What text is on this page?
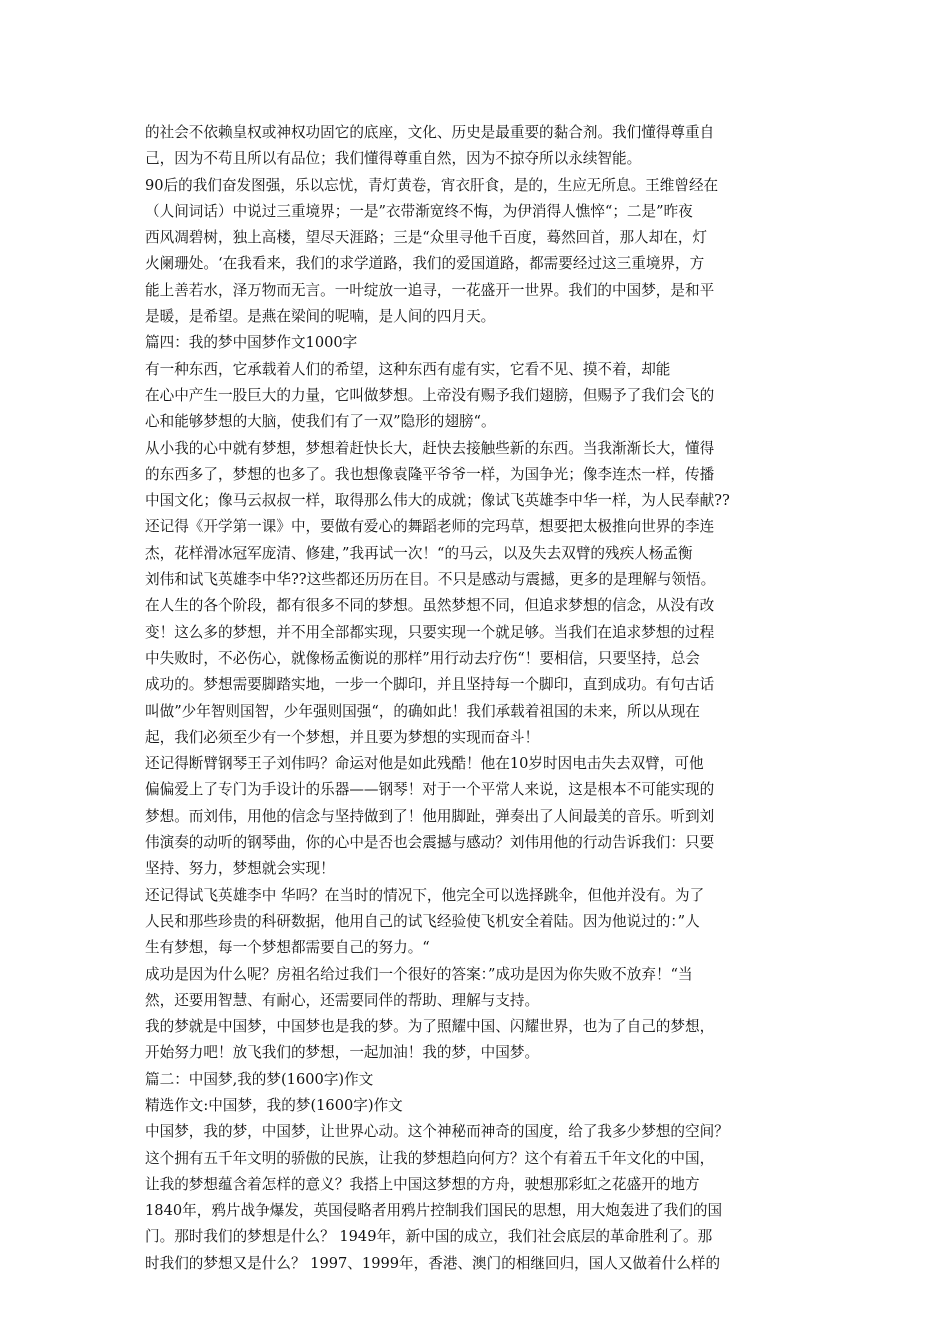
的社会不依赖皇权或神权功固它的底座，文化、历史是最重要的黏合剂。我们懂得尊重自
己，因为不苟且所以有品位；我们懂得尊重自然，因为不掠夺所以永续智能。
90后的我们奋发图强，乐以忘忧，青灯黄卷，宵衣肝食，是的，生应无所息。王维曾经在
（人间词话）中说过三重境界；一是”衣带渐宽终不悔，为伊消得人憔悴“；二是”昨夜
西风凋碧树，独上高楼，望尽天涯路；三是“众里寻他千百度，蓦然回首，那人却在，灯
火阑珊处。‘在我看来，我们的求学道路，我们的爱国道路，都需要经过这三重境界，方
能上善若水，泽万物而无言。一叶绽放一追寻，一花盛开一世界。我们的中国梦，是和平
是暖，是希望。是燕在梁间的呢喃，是人间的四月天。
篇四：我的梦中国梦作文1000字
有一种东西，它承载着人们的希望，这种东西有虚有实，它看不见、摸不着，却能
在心中产生一股巨大的力量，它叫做梦想。上帝没有赐予我们翅膀，但赐予了我们会飞的
心和能够梦想的大脑，使我们有了一双”隐形的翅膀“。
从小我的心中就有梦想，梦想着赶快长大，赶快去接触些新的东西。当我渐渐长大，懂得
的东西多了，梦想的也多了。我也想像袁隆平爷爷一样，为国争光；像李连杰一样，传播
中国文化；像马云叔叔一样，取得那么伟大的成就；像试飞英雄李中华一样，为人民奉献??
还记得《开学第一课》中，要做有爱心的舞蹈老师的完玛草，想要把太极推向世界的李连
杰，花样滑冰冠军庞清、修建，”我再试一次！“的马云，以及失去双臂的残疾人杨孟衡
刘伟和试飞英雄李中华??这些都还历历在目。不只是感动与震撼，更多的是理解与领悟。
在人生的各个阶段，都有很多不同的梦想。虽然梦想不同，但追求梦想的信念，从没有改
变！这么多的梦想，并不用全部都实现，只要实现一个就足够。当我们在追求梦想的过程
中失败时，不必伤心，就像杨孟衡说的那样”用行动去疗伤“！要相信，只要坚持，总会
成功的。梦想需要脚踏实地，一步一个脚印，并且坚持每一个脚印，直到成功。有句古话
叫做”少年智则国智，少年强则国强“，的确如此！我们承载着祖国的未来，所以从现在
起，我们必须至少有一个梦想，并且要为梦想的实现而奋斗！
还记得断臂钢琴王子刘伟吗？命运对他是如此残酷！他在10岁时因电击失去双臂，可他
偏偏爱上了专门为手设计的乐器——钢琴！对于一个平常人来说，这是根本不可能实现的
梦想。而刘伟，用他的信念与坚持做到了！他用脚趾，弹奏出了人间最美的音乐。听到刘
伟演奏的动听的钢琴曲，你的心中是否也会震撼与感动？刘伟用他的行动告诉我们：只要
坚持、努力，梦想就会实现！
还记得试飞英雄李中 华吗？在当时的情况下，他完全可以选择跳伞，但他并没有。为了
人民和那些珍贵的科研数据，他用自己的试飞经验使飞机安全着陆。因为他说过的：”人
生有梦想，每一个梦想都需要自己的努力。“
成功是因为什么呢？房祖名给过我们一个很好的答案：”成功是因为你失败不放弃！“当
然，还要用智慧、有耐心，还需要同伴的帮助、理解与支持。
我的梦就是中国梦，中国梦也是我的梦。为了照耀中国、闪耀世界，也为了自己的梦想，
开始努力吧！放飞我们的梦想，一起加油！我的梦，中国梦。
篇二：中国梦,我的梦(1600字)作文
精选作文:中国梦，我的梦(1600字)作文
中国梦，我的梦，中国梦，让世界心动。这个神秘而神奇的国度，给了我多少梦想的空间？
这个拥有五千年文明的骄傲的民族，让我的梦想趋向何方？这个有着五千年文化的中国，
让我的梦想蕴含着怎样的意义？我搭上中国这梦想的方舟，驶想那彩虹之花盛开的地方
1840年，鸦片战争爆发，英国侵略者用鸦片控制我们国民的思想，用大炮轰进了我们的国
门。那时我们的梦想是什么？ 1949年，新中国的成立，我们社会底层的革命胜利了。那
时我们的梦想又是什么？ 1997、1999年，香港、澳门的相继回归，国人又做着什么样的
